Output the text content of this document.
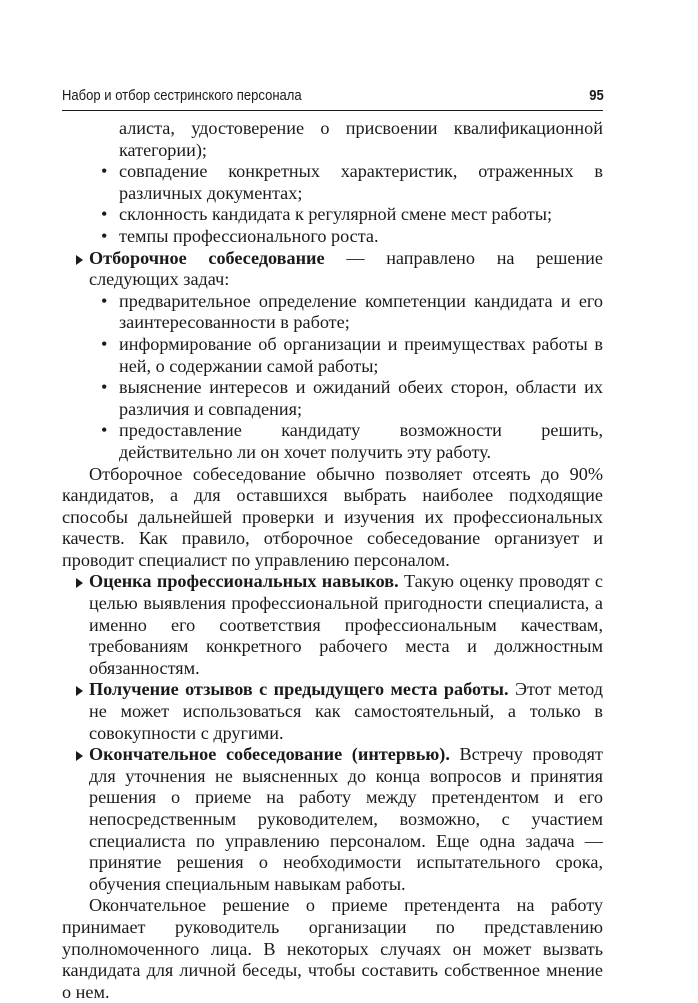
Набор и отбор сестринского персонала	95

алиста, удостоверение о присвоении квалификационной категории);

• совпадение конкретных характеристик, отраженных в различных документах;

• склонность кандидата к регулярной смене мест работы;

• темпы профессионального роста.

Отборочное собеседование — направлено на решение следующих задач:

• предварительное определение компетенции кандидата и его заинтересованности в работе;

• информирование об организации и преимуществах работы в ней, о содержании самой работы;

• выяснение интересов и ожиданий обеих сторон, области их различия и совпадения;

• предоставление кандидату возможности решить, действительно ли он хочет получить эту работу.

Отборочное собеседование обычно позволяет отсеять до 90% кандидатов, а для оставшихся выбрать наиболее подходящие способы дальнейшей проверки и изучения их профессиональных качеств. Как правило, отборочное собеседование организует и проводит специалист по управлению персоналом.

Оценка профессиональных навыков. Такую оценку проводят с целью выявления профессиональной пригодности специалиста, а именно его соответствия профессиональным качествам, требованиям конкретного рабочего места и должностным обязанностям.

Получение отзывов с предыдущего места работы. Этот метод не может использоваться как самостоятельный, а только в совокупности с другими.

Окончательное собеседование (интервью). Встречу проводят для уточнения не выясненных до конца вопросов и принятия решения о приеме на работу между претендентом и его непосредственным руководителем, возможно, с участием специалиста по управлению персоналом. Еще одна задача — принятие решения о необходимости испытательного срока, обучения специальным навыкам работы.

Окончательное решение о приеме претендента на работу принимает руководитель организации по представлению уполномоченного лица. В некоторых случаях он может вызвать кандидата для личной беседы, чтобы составить собственное мнение о нем.
